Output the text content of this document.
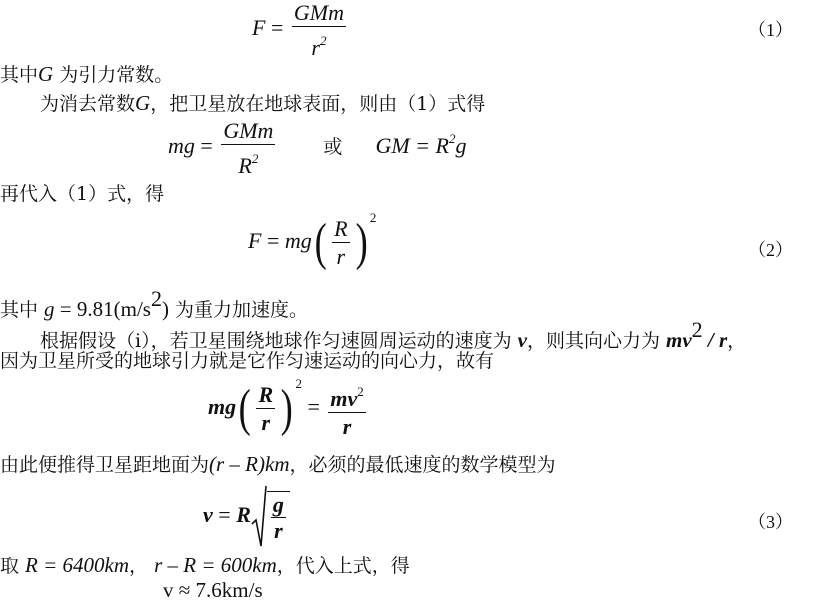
$F = \frac{\text{GMm}}{r^2}$	（1）
其中G 为引力常数。
为消去常数G，把卫星放在地球表面，则由（1）式得
mg = $\frac{\text{GMm}}{R^2}$	或 GM = $R^2g$
再代入（1）式，得
$F = mg( \frac{R}{r}$ ) $^2$
（2）
其中 $g = 9.81(m/s^2)$ 为重力加速度。
根据假设（i），若卫星围绕地球作匀速圆周运动的速度为 v，则其向心力为 $mv^2$ / r，
因为卫星所受的地球引力就是它作匀速运动的向心力，故有
$mg( \frac{R}{r}$ ) $^2 = \frac{mv^2}{r}$
由此便推得卫星距地面为(r – R)km，必须的最低速度的数学模型为
v = R $\frac{g}{r}$	（3）
取 R = 6400km， r – R = 600km，代入上式，得
v ≈ 7.6km/s
